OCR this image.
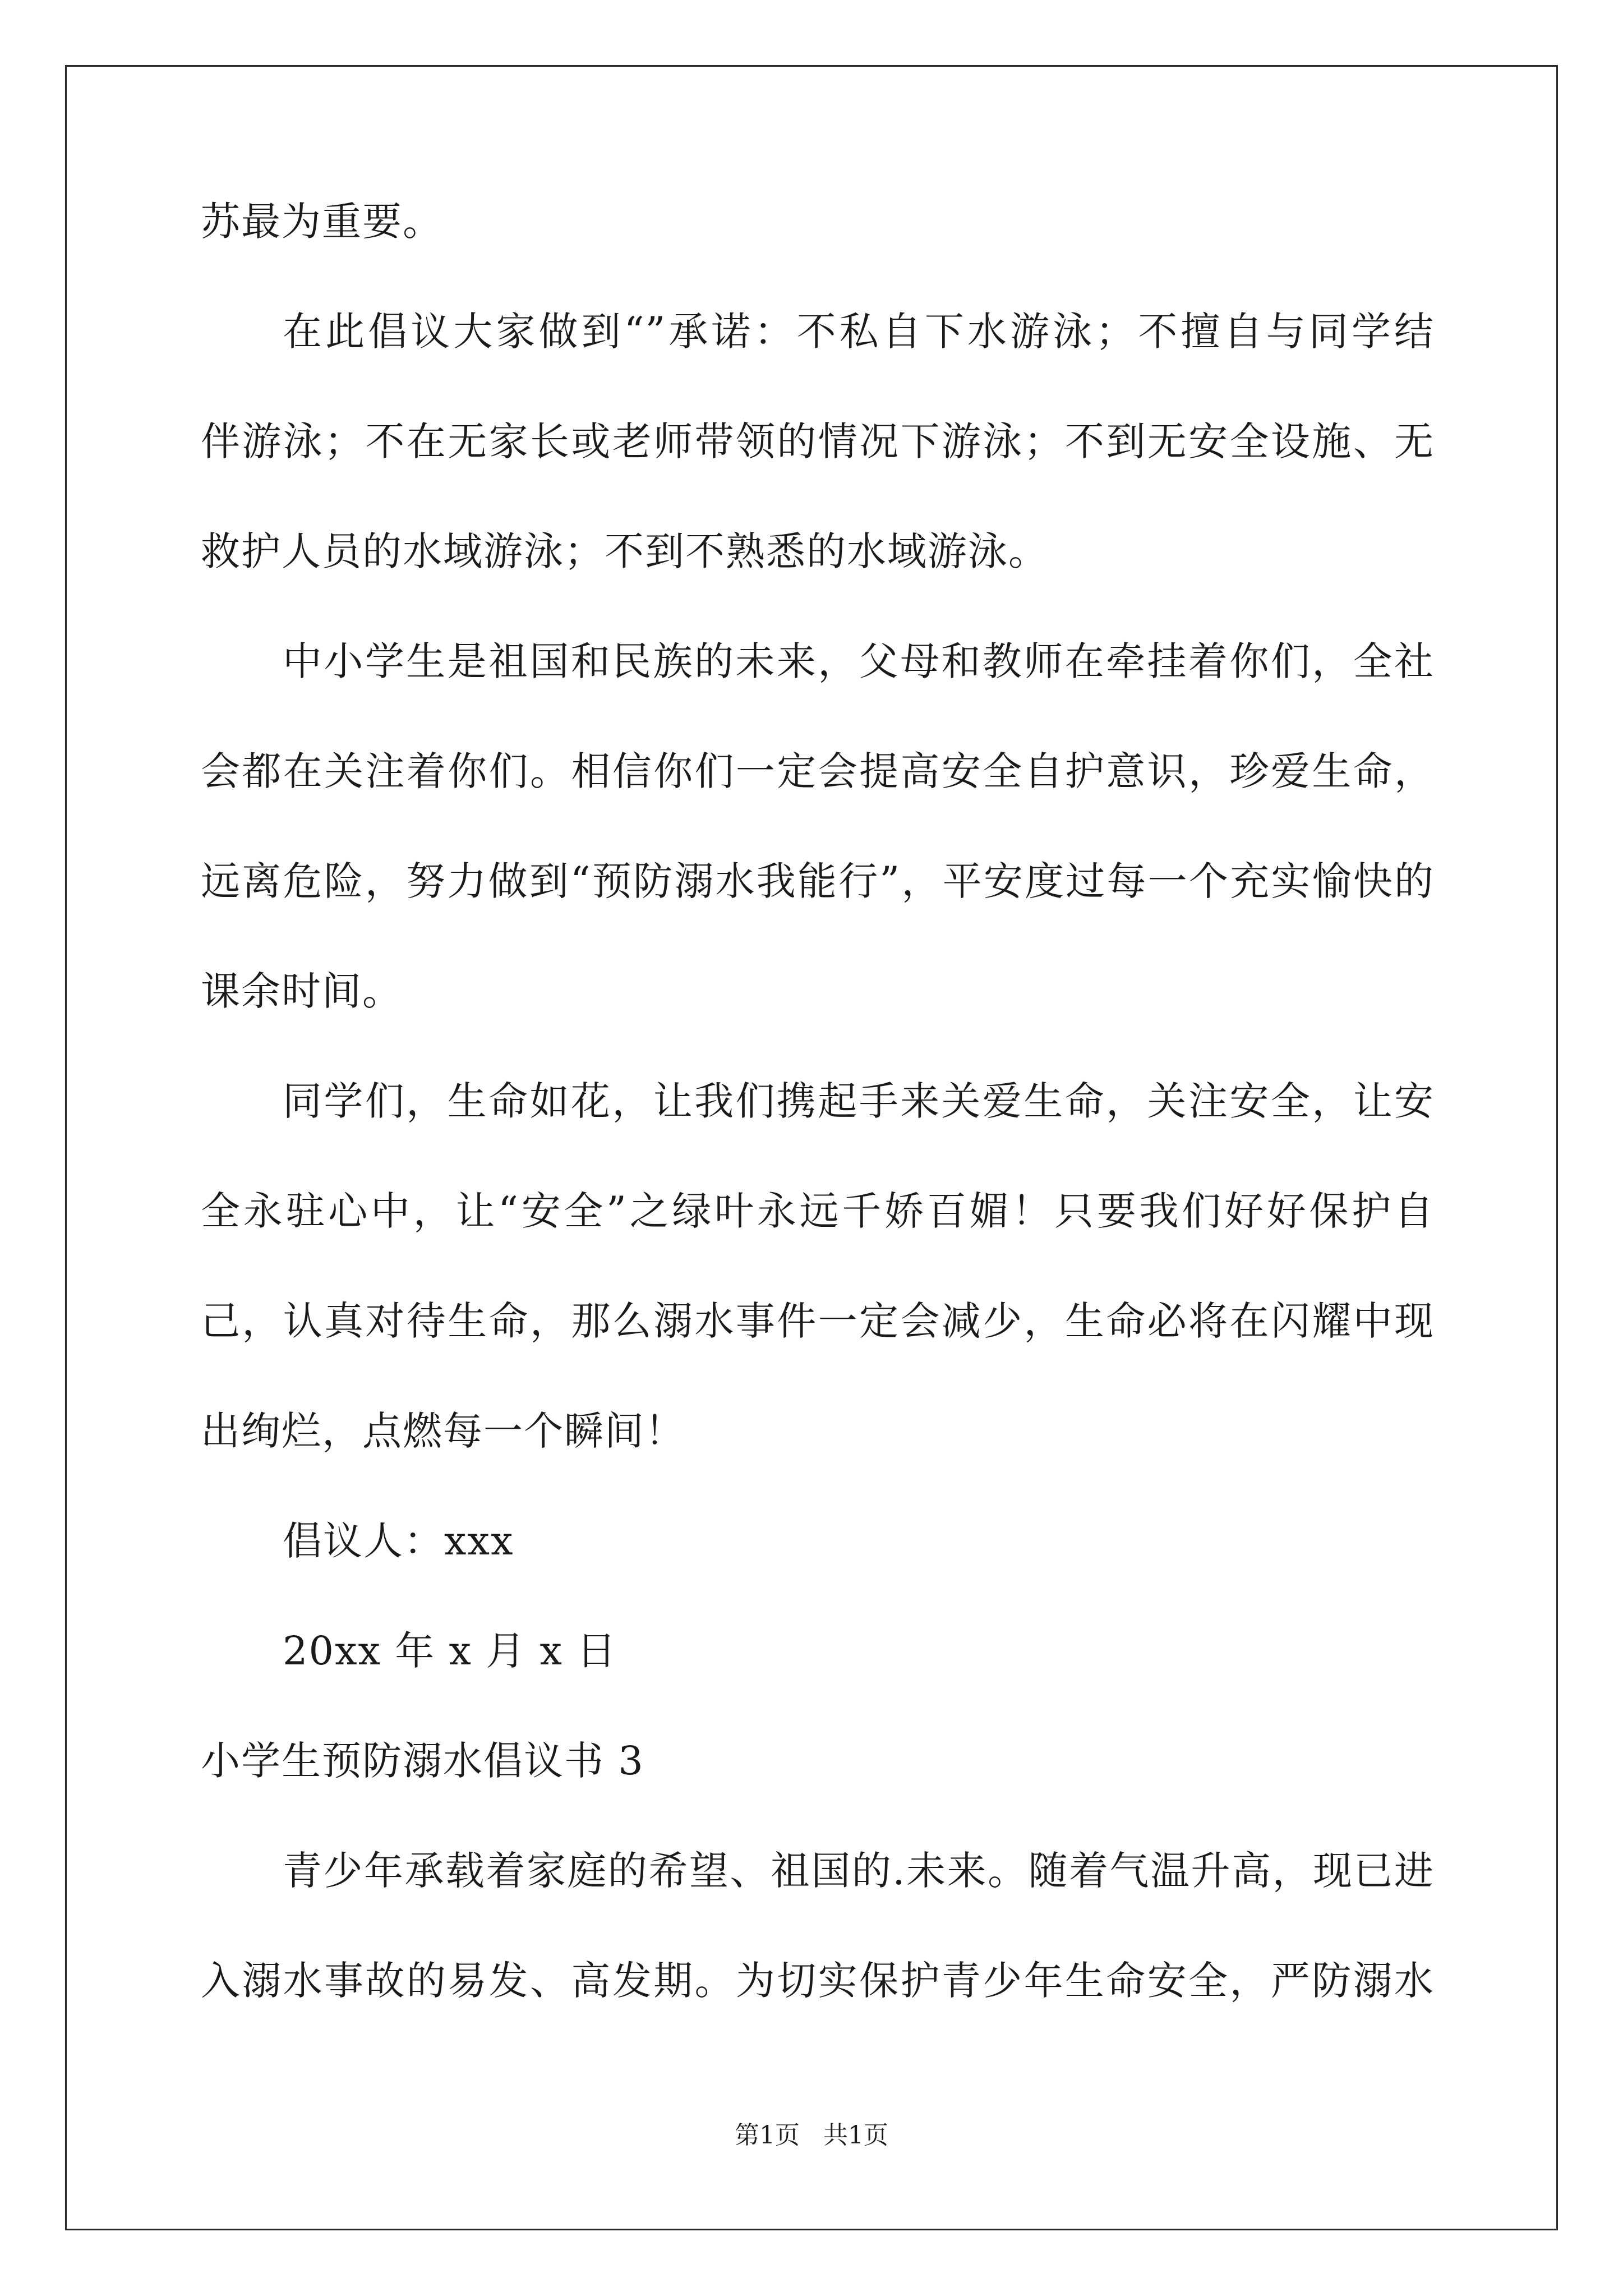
苏最为重要。
在此倡议大家做到“”承诺：不私自下水游泳；不擅自与同学结
伴游泳；不在无家长或老师带领的情况下游泳；不到无安全设施、无
救护人员的水域游泳；不到不熟悉的水域游泳。
中小学生是祖国和民族的未来，父母和教师在牵挂着你们，全社
会都在关注着你们。相信你们一定会提高安全自护意识，珍爱生命，
远离危险，努力做到“预防溺水我能行”，平安度过每一个充实愉快的
课余时间。
同学们，生命如花，让我们携起手来关爱生命，关注安全，让安
全永驻心中，让“安全”之绿叶永远千娇百媚！只要我们好好保护自
己，认真对待生命，那么溺水事件一定会减少，生命必将在闪耀中现
出绚烂，点燃每一个瞬间！
倡议人：xxx
20xx 年 x 月 x 日
小学生预防溺水倡议书 3
青少年承载着家庭的希望、祖国的.未来。随着气温升高，现已进
入溺水事故的易发、高发期。为切实保护青少年生命安全，严防溺水
第1页   共1页
